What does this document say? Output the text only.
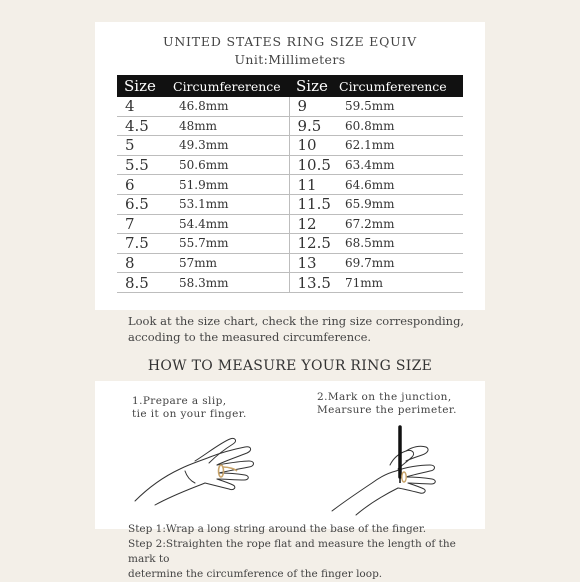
UNITED STATES RING SIZE EQUIV
Unit:Millimeters
Size	Circumfererence	Size	Circumfererence
4	46.8mm	9	59.5mm
4.5	48mm	9.5	60.8mm
5	49.3mm	10	62.1mm
5.5	50.6mm	10.5	63.4mm
6	51.9mm	11	64.6mm
6.5	53.1mm	11.5	65.9mm
7	54.4mm	12	67.2mm
7.5	55.7mm	12.5	68.5mm
8	57mm	13	69.7mm
8.5	58.3mm	13.5	71mm
Look at the size chart, check the ring size corresponding,
accoding to the measured circumference.
HOW TO MEASURE YOUR RING SIZE
1.Prepare a slip,
tie it on your finger.
2.Mark on the junction,
Mearsure the perimeter.
Step 1:Wrap a long string around the base of the finger.
Step 2:Straighten the rope flat and measure the length of the mark to
determine the circumference of the finger loop.
